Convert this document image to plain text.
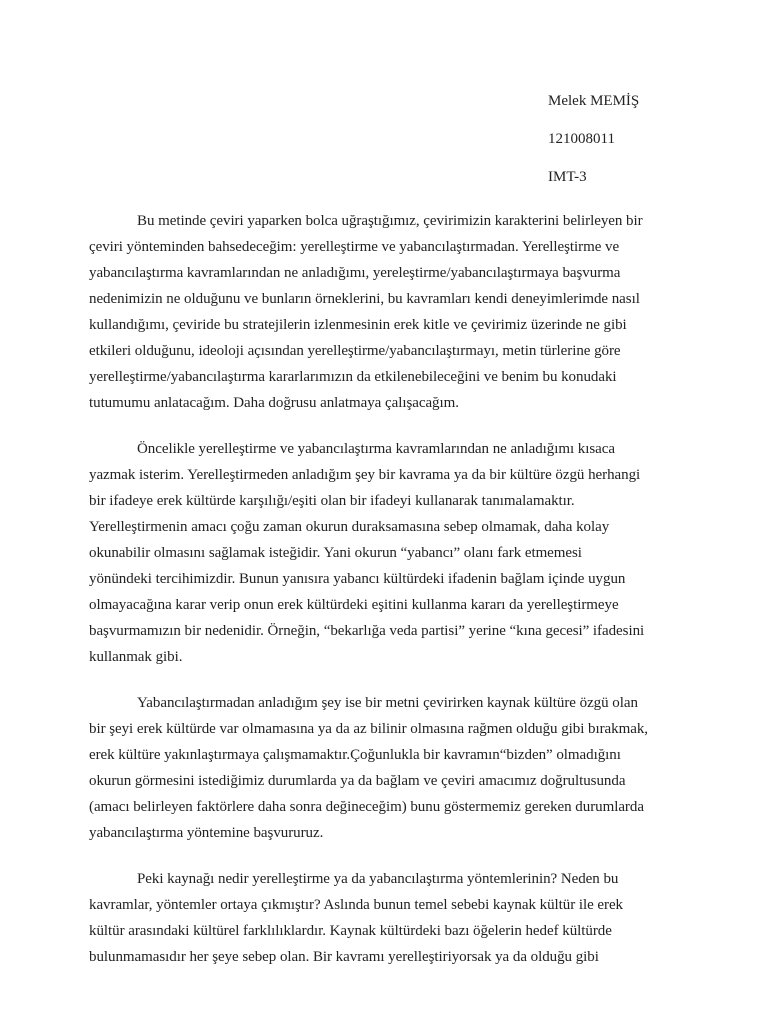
Melek MEMİŞ
121008011
IMT-3
Bu metinde çeviri yaparken bolca uğraştığımız, çevirimizin karakterini belirleyen bir
çeviri yönteminden bahsedeceğim: yerelleştirme ve yabancılaştırmadan. Yerelleştirme ve
yabancılaştırma kavramlarından ne anladığımı, yereleştirme/yabancılaştırmaya başvurma
nedenimizin ne olduğunu ve bunların örneklerini, bu kavramları kendi deneyimlerimde nasıl
kullandığımı, çeviride bu stratejilerin izlenmesinin erek kitle ve çevirimiz üzerinde ne gibi
etkileri olduğunu, ideoloji açısından yerelleştirme/yabancılaştırmayı, metin türlerine göre
yerelleştirme/yabancılaştırma kararlarımızın da etkilenebileceğini ve benim bu konudaki
tutumumu anlatacağım. Daha doğrusu anlatmaya çalışacağım.
Öncelikle yerelleştirme ve yabancılaştırma kavramlarından ne anladığımı kısaca
yazmak isterim. Yerelleştirmeden anladığım şey bir kavrama ya da bir kültüre özgü herhangi
bir ifadeye erek kültürde karşılığı/eşiti olan bir ifadeyi kullanarak tanımalamaktır.
Yerelleştirmenin amacı çoğu zaman okurun duraksamasına sebep olmamak, daha kolay
okunabilir olmasını sağlamak isteğidir. Yani okurun “yabancı” olanı fark etmemesi
yönündeki tercihimizdir. Bunun yanısıra yabancı kültürdeki ifadenin bağlam içinde uygun
olmayacağına karar verip onun erek kültürdeki eşitini kullanma kararı da yerelleştirmeye
başvurmamızın bir nedenidir. Örneğin, “bekarlığa veda partisi” yerine “kına gecesi” ifadesini
kullanmak gibi.
Yabancılaştırmadan anladığım şey ise bir metni çevirirken kaynak kültüre özgü olan
bir şeyi erek kültürde var olmamasına ya da az bilinir olmasına rağmen olduğu gibi bırakmak,
erek kültüre yakınlaştırmaya çalışmamaktır.Çoğunlukla bir kavramın“bizden” olmadığını
okurun görmesini istediğimiz durumlarda ya da bağlam ve çeviri amacımız doğrultusunda
(amacı belirleyen faktörlere daha sonra değineceğim) bunu göstermemiz gereken durumlarda
yabancılaştırma yöntemine başvururuz.
Peki kaynağı nedir yerelleştirme ya da yabancılaştırma yöntemlerinin? Neden bu
kavramlar, yöntemler ortaya çıkmıştır? Aslında bunun temel sebebi kaynak kültür ile erek
kültür arasındaki kültürel farklılıklardır. Kaynak kültürdeki bazı öğelerin hedef kültürde
bulunmamasıdır her şeye sebep olan. Bir kavramı yerelleştiriyorsak ya da olduğu gibi
